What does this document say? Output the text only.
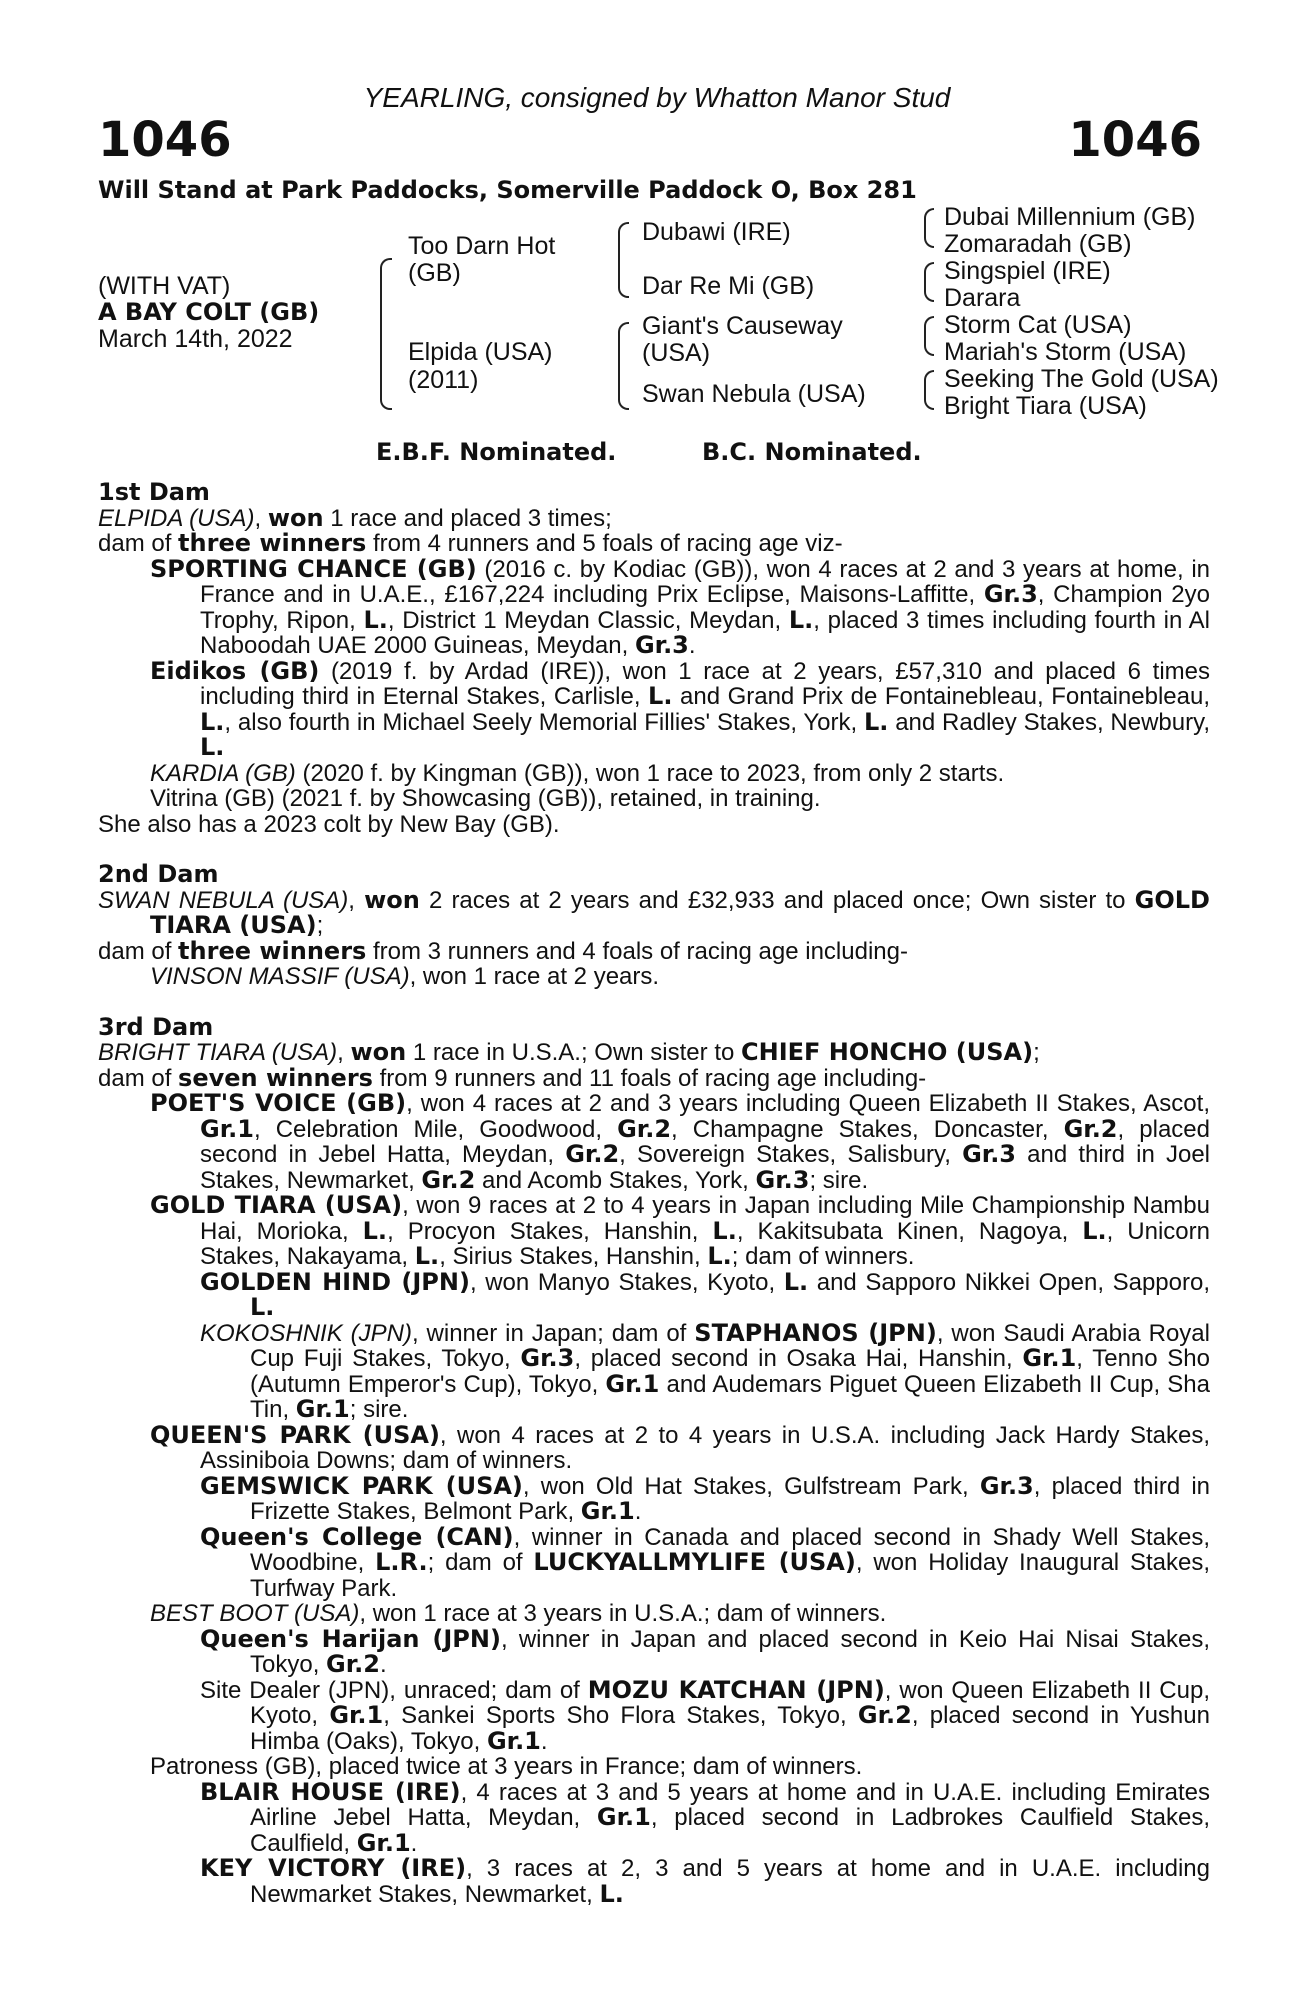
YEARLING, consigned by Whatton Manor Stud
1046	1046
Will Stand at Park Paddocks, Somerville Paddock O, Box 281
(WITH VAT)
A BAY COLT (GB)
March 14th, 2022
Too Darn Hot
(GB)
Elpida (USA)
(2011)
Dubawi (IRE)
Dar Re Mi (GB)
Giant's Causeway
(USA)
Swan Nebula (USA)
Dubai Millennium (GB)
Zomaradah (GB)
Singspiel (IRE)
Darara
Storm Cat (USA)
Mariah's Storm (USA)
Seeking The Gold (USA)
Bright Tiara (USA)
E.B.F. Nominated.	B.C. Nominated.
1st Dam
ELPIDA (USA), won 1 race and placed 3 times;
dam of three winners from 4 runners and 5 foals of racing age viz-
SPORTING CHANCE (GB) (2016 c. by Kodiac (GB)), won 4 races at 2 and 3 years at home, in France and in U.A.E., £167,224 including Prix Eclipse, Maisons-Laffitte, Gr.3, Champion 2yo Trophy, Ripon, L., District 1 Meydan Classic, Meydan, L., placed 3 times including fourth in Al Naboodah UAE 2000 Guineas, Meydan, Gr.3.
Eidikos (GB) (2019 f. by Ardad (IRE)), won 1 race at 2 years, £57,310 and placed 6 times including third in Eternal Stakes, Carlisle, L. and Grand Prix de Fontainebleau, Fontainebleau, L., also fourth in Michael Seely Memorial Fillies' Stakes, York, L. and Radley Stakes, Newbury, L.
KARDIA (GB) (2020 f. by Kingman (GB)), won 1 race to 2023, from only 2 starts.
Vitrina (GB) (2021 f. by Showcasing (GB)), retained, in training.
She also has a 2023 colt by New Bay (GB).
2nd Dam
SWAN NEBULA (USA), won 2 races at 2 years and £32,933 and placed once; Own sister to GOLD TIARA (USA);
dam of three winners from 3 runners and 4 foals of racing age including-
VINSON MASSIF (USA), won 1 race at 2 years.
3rd Dam
BRIGHT TIARA (USA), won 1 race in U.S.A.; Own sister to CHIEF HONCHO (USA);
dam of seven winners from 9 runners and 11 foals of racing age including-
POET'S VOICE (GB), won 4 races at 2 and 3 years including Queen Elizabeth II Stakes, Ascot, Gr.1, Celebration Mile, Goodwood, Gr.2, Champagne Stakes, Doncaster, Gr.2, placed second in Jebel Hatta, Meydan, Gr.2, Sovereign Stakes, Salisbury, Gr.3 and third in Joel Stakes, Newmarket, Gr.2 and Acomb Stakes, York, Gr.3; sire.
GOLD TIARA (USA), won 9 races at 2 to 4 years in Japan including Mile Championship Nambu Hai, Morioka, L., Procyon Stakes, Hanshin, L., Kakitsubata Kinen, Nagoya, L., Unicorn Stakes, Nakayama, L., Sirius Stakes, Hanshin, L.; dam of winners.
GOLDEN HIND (JPN), won Manyo Stakes, Kyoto, L. and Sapporo Nikkei Open, Sapporo, L.
KOKOSHNIK (JPN), winner in Japan; dam of STAPHANOS (JPN), won Saudi Arabia Royal Cup Fuji Stakes, Tokyo, Gr.3, placed second in Osaka Hai, Hanshin, Gr.1, Tenno Sho (Autumn Emperor's Cup), Tokyo, Gr.1 and Audemars Piguet Queen Elizabeth II Cup, Sha Tin, Gr.1; sire.
QUEEN'S PARK (USA), won 4 races at 2 to 4 years in U.S.A. including Jack Hardy Stakes, Assiniboia Downs; dam of winners.
GEMSWICK PARK (USA), won Old Hat Stakes, Gulfstream Park, Gr.3, placed third in Frizette Stakes, Belmont Park, Gr.1.
Queen's College (CAN), winner in Canada and placed second in Shady Well Stakes, Woodbine, L.R.; dam of LUCKYALLMYLIFE (USA), won Holiday Inaugural Stakes, Turfway Park.
BEST BOOT (USA), won 1 race at 3 years in U.S.A.; dam of winners.
Queen's Harijan (JPN), winner in Japan and placed second in Keio Hai Nisai Stakes, Tokyo, Gr.2.
Site Dealer (JPN), unraced; dam of MOZU KATCHAN (JPN), won Queen Elizabeth II Cup, Kyoto, Gr.1, Sankei Sports Sho Flora Stakes, Tokyo, Gr.2, placed second in Yushun Himba (Oaks), Tokyo, Gr.1.
Patroness (GB), placed twice at 3 years in France; dam of winners.
BLAIR HOUSE (IRE), 4 races at 3 and 5 years at home and in U.A.E. including Emirates Airline Jebel Hatta, Meydan, Gr.1, placed second in Ladbrokes Caulfield Stakes, Caulfield, Gr.1.
KEY VICTORY (IRE), 3 races at 2, 3 and 5 years at home and in U.A.E. including Newmarket Stakes, Newmarket, L.
